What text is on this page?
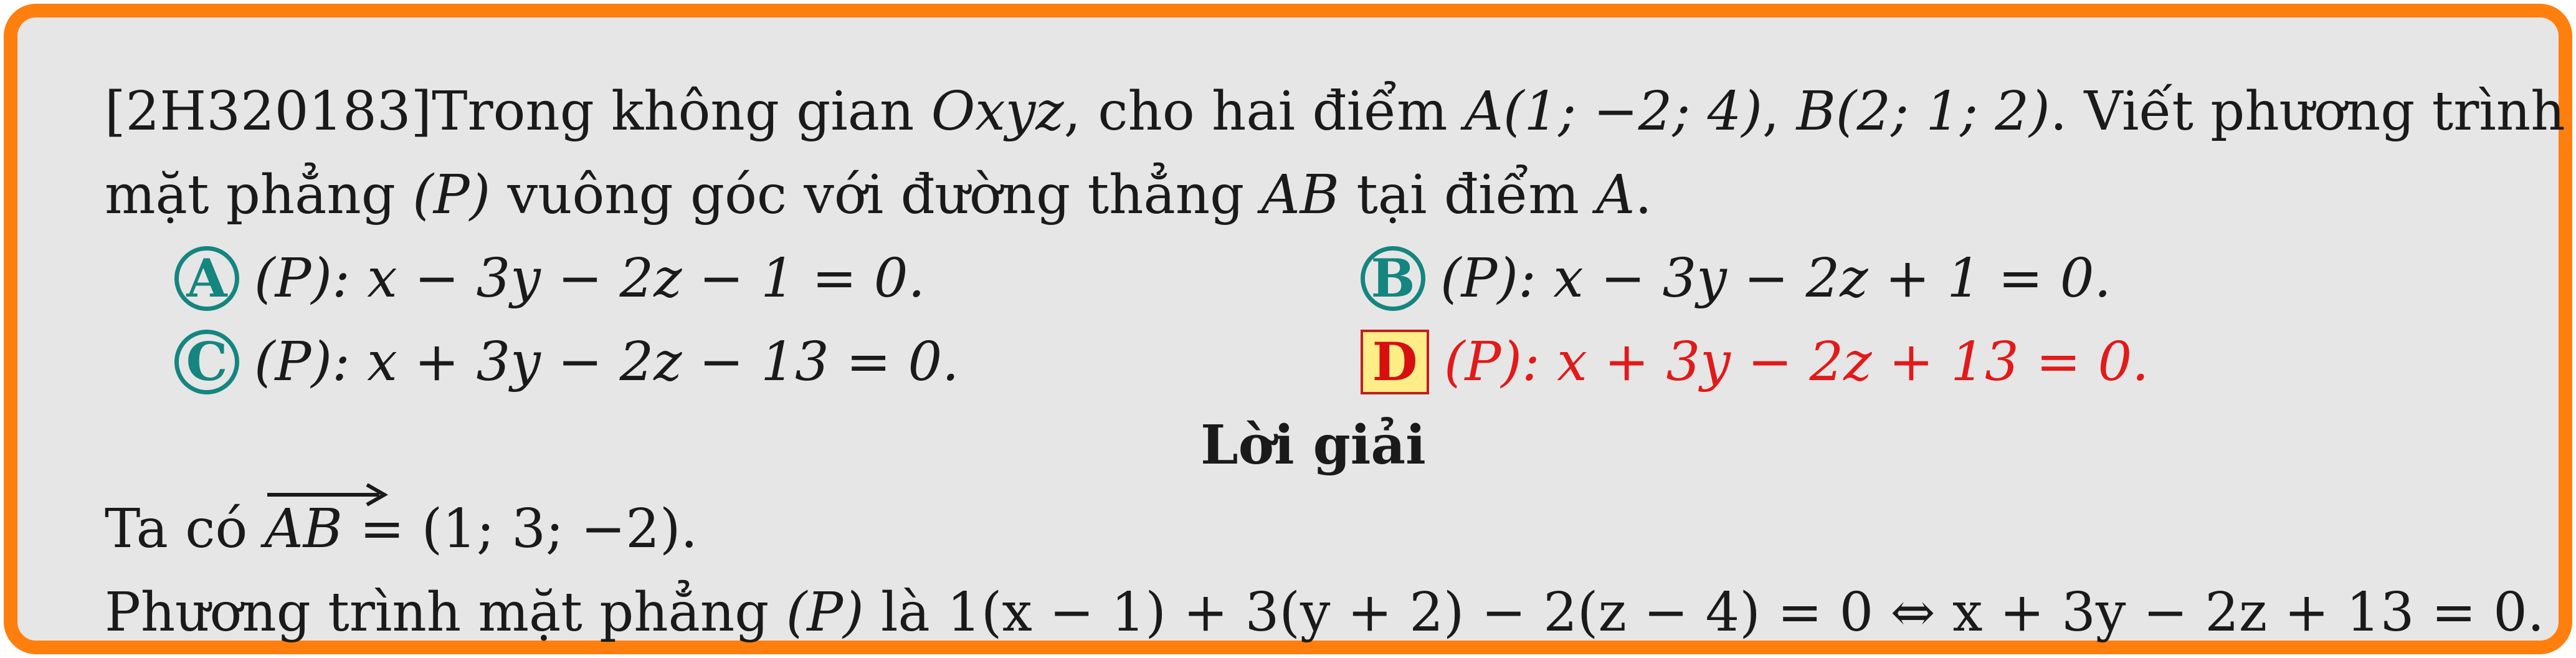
[2H320183]Trong không gian Oxyz, cho hai điểm A(1; −2; 4), B(2; 1; 2). Viết phương trình
mặt phẳng (P) vuông góc với đường thẳng AB tại điểm A.
A (P): x − 3y − 2z − 1 = 0.	B (P): x − 3y − 2z + 1 = 0.
C (P): x + 3y − 2z − 13 = 0.	D (P): x + 3y − 2z + 13 = 0.
Lời giải
Ta có
AB = (1; 3; −2).
Phương trình mặt phẳng (P) là 1(x − 1) + 3(y + 2) − 2(z − 4) = 0 ⇔ x + 3y − 2z + 13 = 0.
